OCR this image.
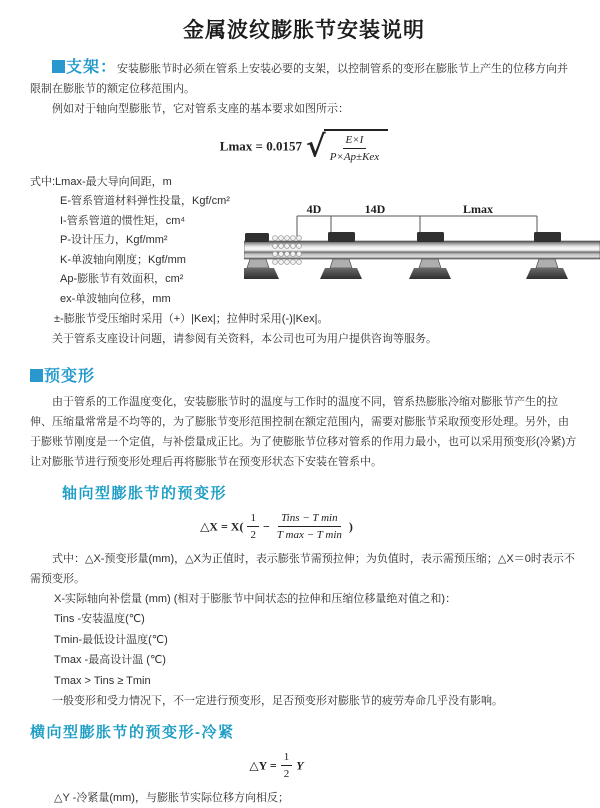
金属波纹膨胀节安装说明

支架：安装膨胀节时必须在管系上安装必要的支架，以控制管系的变形在膨胀节上产生的位移方向并限制在膨胀节的额定位移范围内。

例如对于轴向型膨胀节，它对管系支座的基本要求如图所示：

Lmax = 0.0157 √ E×I
P×Ap±Kex
式中:Lmax-最大导向间距，m
E-管系管道材料弹性投量，Kgf/cm²
I-管系管道的惯性矩，cm⁴
P-设计压力，Kgf/mm²
K-单波轴向刚度；Kgf/mm
Ap-膨胀节有效面积，cm²
ex-单波轴向位移，mm
4D	14D	Lmax

±-膨胀节受压缩时采用（+）|Kex|；拉伸时采用(-)|Kex|。

关于管系支座设计问题，请参阅有关资料，本公司也可为用户提供咨询等服务。

预变形

由于管系的工作温度变化，安装膨胀节时的温度与工作时的温度不同，管系热膨胀冷缩对膨胀节产生的拉伸、压缩量常常是不均等的，为了膨胀节变形范围控制在额定范围内，需要对膨胀节采取预变形处理。另外，由于膨账节刚度是一个定值，与补偿量成正比。为了使膨胀节位移对管系的作用力最小，也可以采用预变形(冷紧)方让对膨胀节进行预变形处理后再将膨胀节在预变形状态下安装在管系中。

轴向型膨胀节的预变形
△X = $X( \frac{1}{2}$ −
Tins − T min
T max − T min
)

式中：△X-预变形量(mm)，△X为正值时，表示膨张节需预拉伸；为负值时，表示需预压缩；△X＝0时表示不需预变形。

X-实际轴向补偿量 (mm) (相对于膨胀节中间状态的拉伸和压缩位移量绝对值之和)：

Tins -安装温度(℃)

Tmin-最低设计温度(℃)

Tmax -最高设计温 (℃)

Tmax > Tins ≥ Tmin

一般变形和受力情况下，不一定进行预变形，足否预变形对膨胀节的疲劳寿命几乎没有影响。

横向型膨胀节的预变形-冷紧
△Y = $\frac{1}{2}$ Y

△Y -冷紧量(mm)，与膨胀节实际位移方向相反；
